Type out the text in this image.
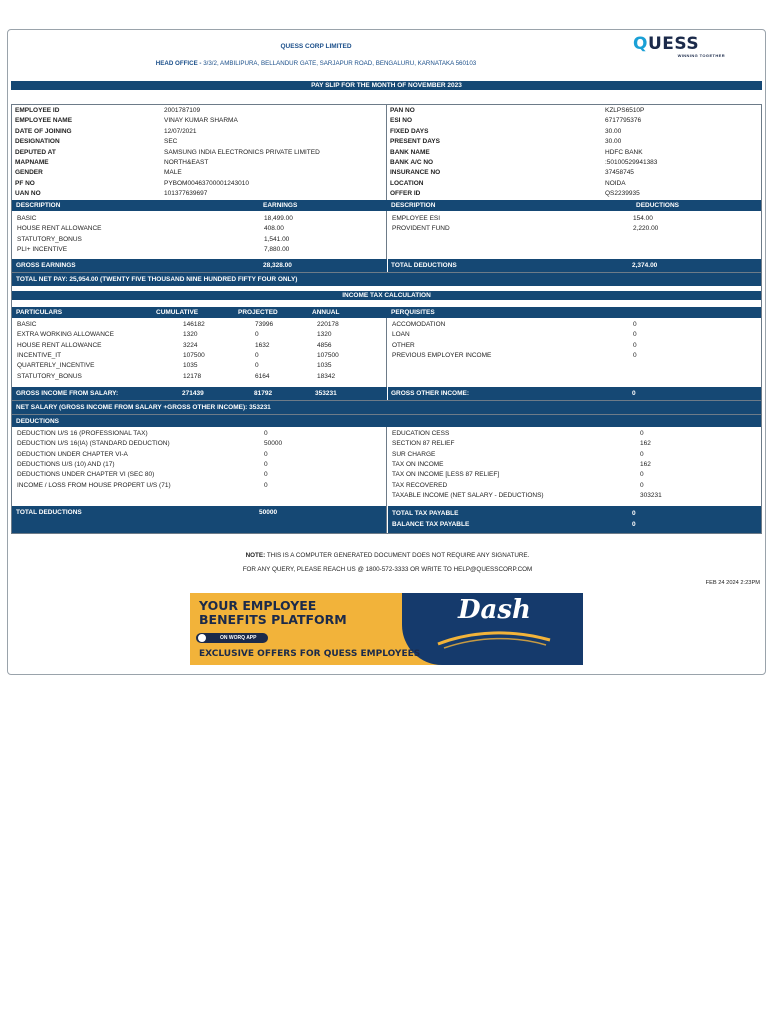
QUESS CORP LIMITED
HEAD OFFICE - 3/3/2, AMBILIPURA, BELLANDUR GATE, SARJAPUR ROAD, BENGALURU, KARNATAKA 560103
QUESS
WINNING TOGETHER
PAY SLIP FOR THE MONTH OF NOVEMBER 2023
EMPLOYEE ID	2001787109
EMPLOYEE NAME	VINAY KUMAR SHARMA
DATE OF JOINING	12/07/2021
DESIGNATION	SEC
DEPUTED AT	SAMSUNG INDIA ELECTRONICS PRIVATE LIMITED
MAPNAME	NORTH&EAST
GENDER	MALE
PF NO	PYBOM00463700001243010
UAN NO	101377639697
PAN NO	KZLPS6510P
ESI NO	6717795376
FIXED DAYS	30.00
PRESENT DAYS	30.00
BANK NAME	HDFC BANK
BANK A/C NO	:50100529941383
INSURANCE NO	37458745
LOCATION	NOIDA
OFFER ID	QS2239935
DESCRIPTION	EARNINGS	DESCRIPTION	DEDUCTIONS
BASIC	18,499.00
HOUSE RENT ALLOWANCE	408.00
STATUTORY_BONUS	1,541.00
PLI+ INCENTIVE	7,880.00
EMPLOYEE ESI	154.00
PROVIDENT FUND	2,220.00
GROSS EARNINGS	28,328.00	TOTAL DEDUCTIONS	2,374.00
TOTAL NET PAY: 25,954.00 (TWENTY FIVE THOUSAND NINE HUNDRED FIFTY FOUR ONLY)
INCOME TAX CALCULATION
PARTICULARS	CUMULATIVE	PROJECTED	ANNUAL	PERQUISITES
BASIC	146182	73996	220178
EXTRA WORKING ALLOWANCE	1320	0	1320
HOUSE RENT ALLOWANCE	3224	1632	4856
INCENTIVE_IT	107500	0	107500
QUARTERLY_INCENTIVE	1035	0	1035
STATUTORY_BONUS	12178	6164	18342
ACCOMODATION	0
LOAN	0
OTHER	0
PREVIOUS EMPLOYER INCOME	0
GROSS INCOME FROM SALARY:	271439	81792	353231	GROSS OTHER INCOME:	0
NET SALARY (GROSS INCOME FROM SALARY +GROSS OTHER INCOME): 353231
DEDUCTIONS
DEDUCTION U/S 16 (PROFESSIONAL TAX)	0
DEDUCTION U/S 16(IA) (STANDARD DEDUCTION)	50000
DEDUCTION UNDER CHAPTER VI-A	0
DEDUCTIONS U/S (10) AND (17)	0
DEDUCTIONS UNDER CHAPTER VI (SEC 80)	0
INCOME / LOSS FROM HOUSE PROPERT U/S (71)	0
EDUCATION CESS	0
SECTION 87 RELIEF	162
SUR CHARGE	0
TAX ON INCOME	162
TAX ON INCOME [LESS 87 RELIEF]	0
TAX RECOVERED	0
TAXABLE INCOME (NET SALARY - DEDUCTIONS)	303231
TOTAL DEDUCTIONS	50000	TOTAL TAX PAYABLE	0
BALANCE TAX PAYABLE	0
NOTE: THIS IS A COMPUTER GENERATED DOCUMENT DOES NOT REQUIRE ANY SIGNATURE.
FOR ANY QUERY, PLEASE REACH US @ 1800-572-3333 OR WRITE TO HELP@QUESSCORP.COM
FEB 24 2024 2:23PM
YOUR EMPLOYEE
BENEFITS PLATFORM
ON WORQ APP
EXCLUSIVE OFFERS FOR QUESS EMPLOYEES
Dash
